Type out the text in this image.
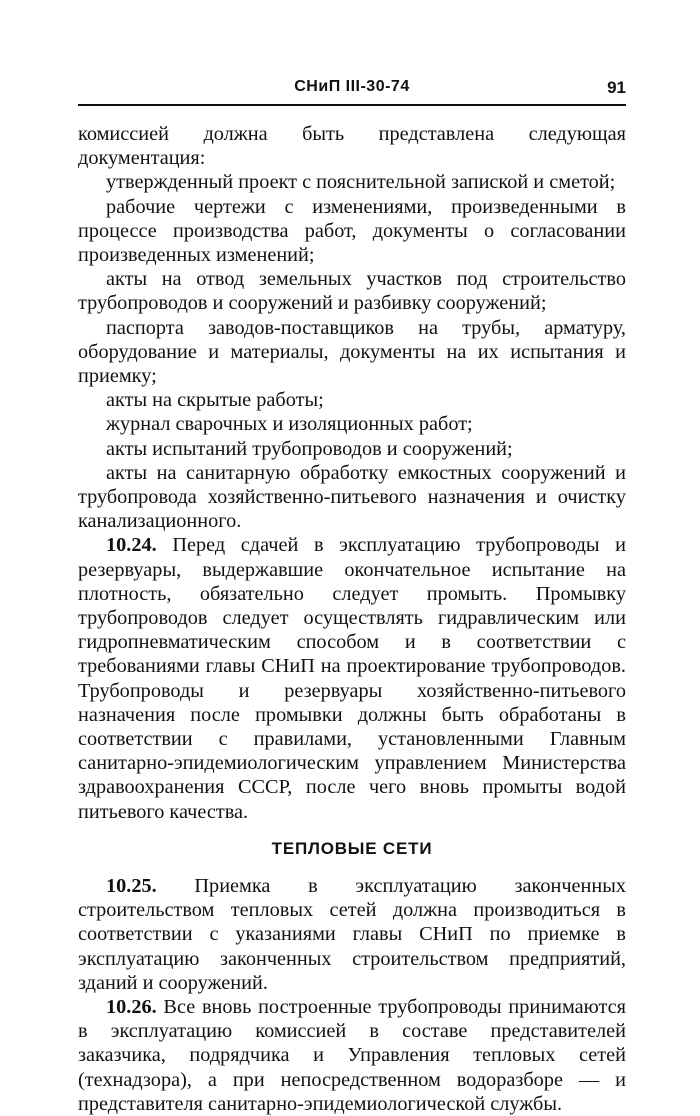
СНиП III-30-74	91

комиссией должна быть представлена следующая документация:

утвержденный проект с пояснительной запиской и сметой;

рабочие чертежи с изменениями, произведенными в процессе производства работ, документы о согласовании произведенных изменений;

акты на отвод земельных участков под строительство трубопроводов и сооружений и разбивку сооружений;

паспорта заводов-поставщиков на трубы, арматуру, оборудование и материалы, документы на их испытания и приемку;

акты на скрытые работы;

журнал сварочных и изоляционных работ;

акты испытаний трубопроводов и сооружений;

акты на санитарную обработку емкостных сооружений и трубопровода хозяйственно-питьевого назначения и очистку канализационного.

10.24. Перед сдачей в эксплуатацию трубопроводы и резервуары, выдержавшие окончательное испытание на плотность, обязательно следует промыть. Промывку трубопроводов следует осуществлять гидравлическим или гидропневматическим способом и в соответствии с требованиями главы СНиП на проектирование трубопроводов. Трубопроводы и резервуары хозяйственно-питьевого назначения после промывки должны быть обработаны в соответствии с правилами, установленными Главным санитарно-эпидемиологическим управлением Министерства здравоохранения СССР, после чего вновь промыты водой питьевого качества.

ТЕПЛОВЫЕ СЕТИ

10.25. Приемка в эксплуатацию законченных строительством тепловых сетей должна производиться в соответствии с указаниями главы СНиП по приемке в эксплуатацию законченных строительством предприятий, зданий и сооружений.

10.26. Все вновь построенные трубопроводы принимаются в эксплуатацию комиссией в составе представителей заказчика, подрядчика и Управления тепловых сетей (технадзора), а при непосредственном водоразборе — и представителя санитарно-эпидемиологической службы.
